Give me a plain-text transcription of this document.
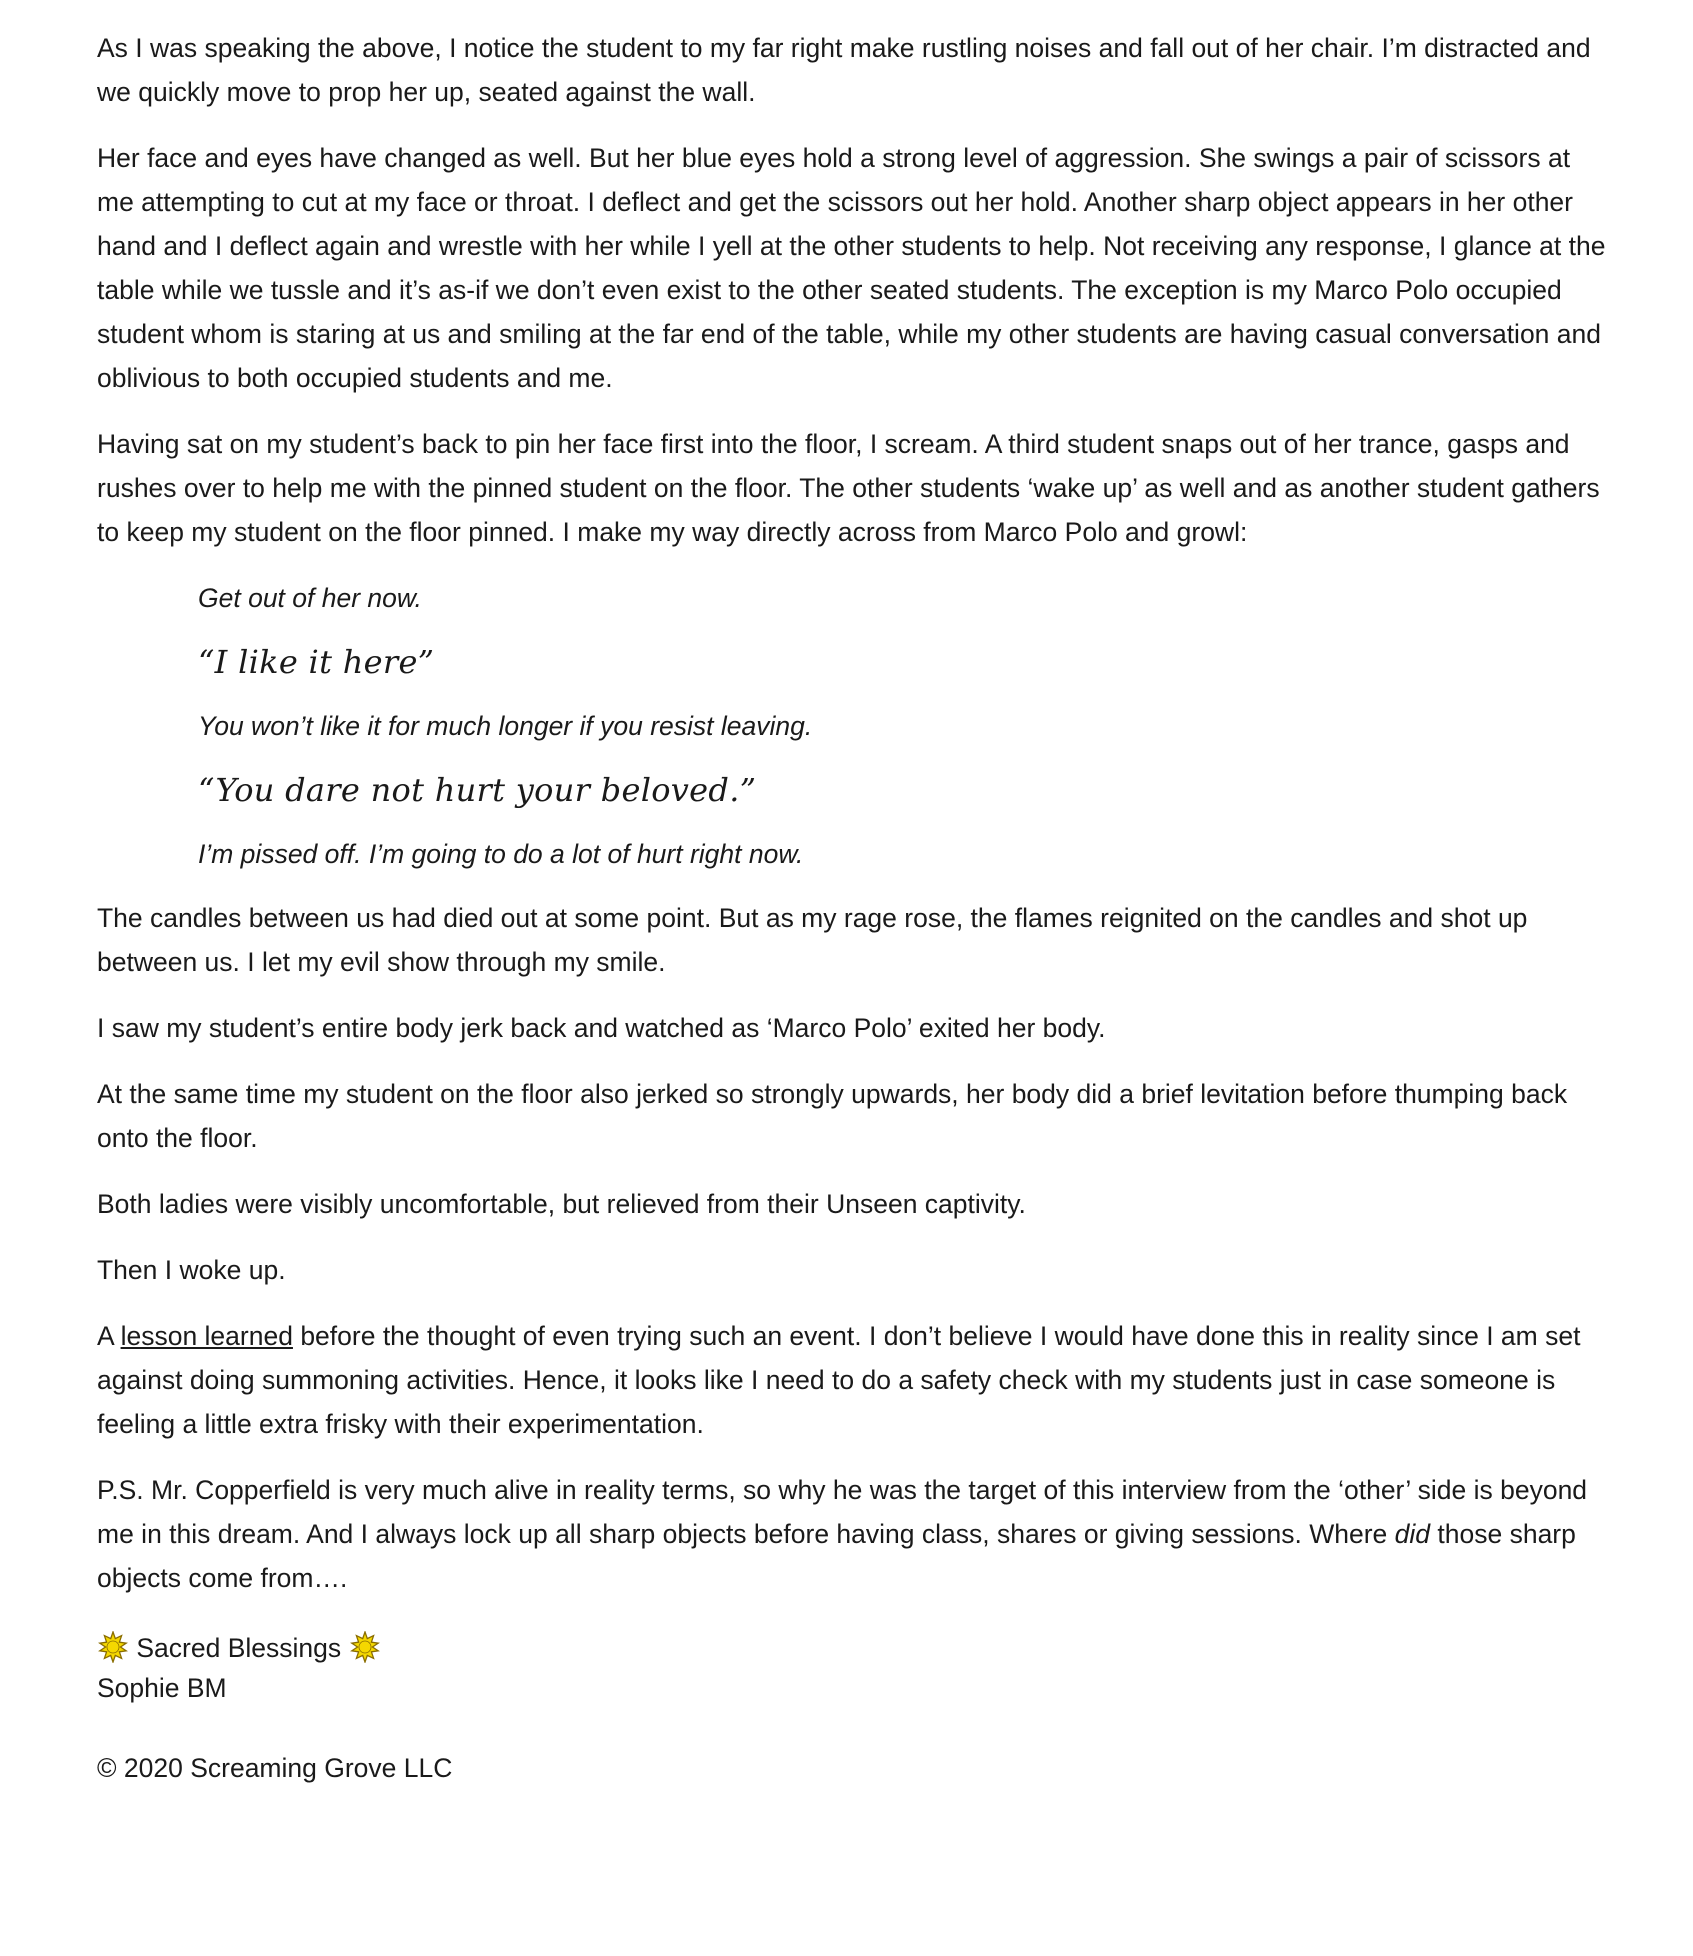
As I was speaking the above, I notice the student to my far right make rustling noises and fall out of her chair. I’m distracted and we quickly move to prop her up, seated against the wall.

Her face and eyes have changed as well. But her blue eyes hold a strong level of aggression. She swings a pair of scissors at me attempting to cut at my face or throat. I deflect and get the scissors out her hold. Another sharp object appears in her other hand and I deflect again and wrestle with her while I yell at the other students to help. Not receiving any response, I glance at the table while we tussle and it’s as-if we don’t even exist to the other seated students. The exception is my Marco Polo occupied student whom is staring at us and smiling at the far end of the table, while my other students are having casual conversation and oblivious to both occupied students and me.

Having sat on my student’s back to pin her face first into the floor, I scream. A third student snaps out of her trance, gasps and rushes over to help me with the pinned student on the floor. The other students ‘wake up’ as well and as another student gathers to keep my student on the floor pinned. I make my way directly across from Marco Polo and growl:

Get out of her now.
“I like it here”
You won’t like it for much longer if you resist leaving.
“You dare not hurt your beloved.”
I’m pissed off. I’m going to do a lot of hurt right now.

The candles between us had died out at some point. But as my rage rose, the flames reignited on the candles and shot up between us. I let my evil show through my smile.

I saw my student’s entire body jerk back and watched as ‘Marco Polo’ exited her body.

At the same time my student on the floor also jerked so strongly upwards, her body did a brief levitation before thumping back onto the floor.

Both ladies were visibly uncomfortable, but relieved from their Unseen captivity.

Then I woke up.

A lesson learned before the thought of even trying such an event. I don’t believe I would have done this in reality since I am set against doing summoning activities. Hence, it looks like I need to do a safety check with my students just in case someone is feeling a little extra frisky with their experimentation.

P.S. Mr. Copperfield is very much alive in reality terms, so why he was the target of this interview from the ‘other’ side is beyond me in this dream. And I always lock up all sharp objects before having class, shares or giving sessions. Where did those sharp objects come from….

Sacred Blessings
Sophie BM
© 2020 Screaming Grove LLC
